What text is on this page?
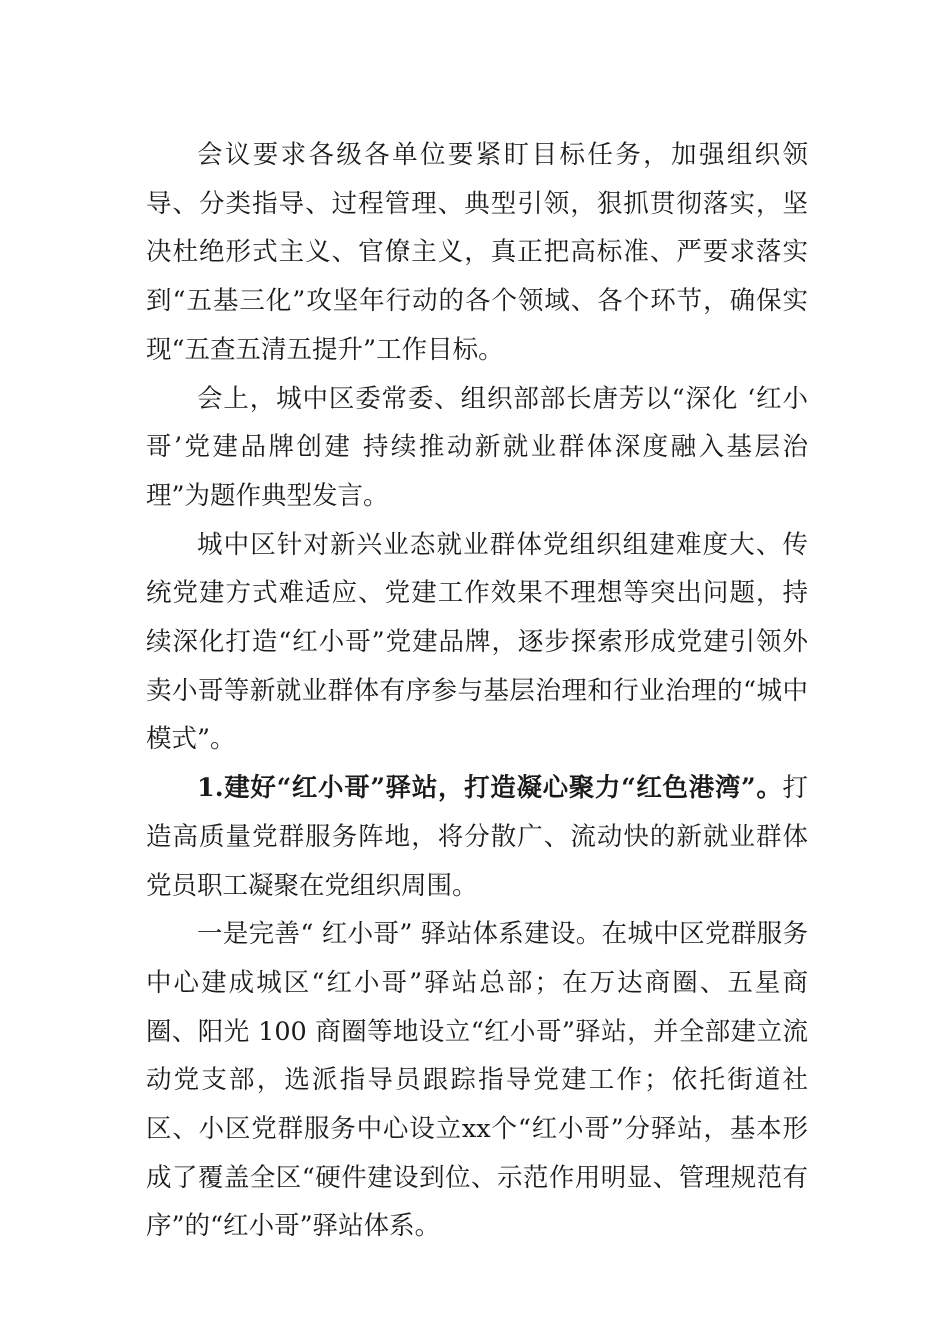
会议要求各级各单位要紧盯目标任务，加强组织领导、分类指导、过程管理、典型引领，狠抓贯彻落实，坚决杜绝形式主义、官僚主义，真正把高标准、严要求落实到“五基三化”攻坚年行动的各个领域、各个环节，确保实现“五查五清五提升”工作目标。

会上，城中区委常委、组织部部长唐芳以“深化 ‘红小哥’党建品牌创建 持续推动新就业群体深度融入基层治理”为题作典型发言。

城中区针对新兴业态就业群体党组织组建难度大、传统党建方式难适应、党建工作效果不理想等突出问题，持续深化打造“红小哥”党建品牌，逐步探索形成党建引领外卖小哥等新就业群体有序参与基层治理和行业治理的“城中模式”。

1.建好“红小哥”驿站，打造凝心聚力“红色港湾”。打造高质量党群服务阵地，将分散广、流动快的新就业群体党员职工凝聚在党组织周围。

一是完善“ 红小哥” 驿站体系建设。在城中区党群服务中心建成城区“红小哥”驿站总部；在万达商圈、五星商圈、阳光 100 商圈等地设立“红小哥”驿站，并全部建立流动党支部，选派指导员跟踪指导党建工作；依托街道社区、小区党群服务中心设立xx个“红小哥”分驿站，基本形成了覆盖全区“硬件建设到位、示范作用明显、管理规范有序”的“红小哥”驿站体系。
